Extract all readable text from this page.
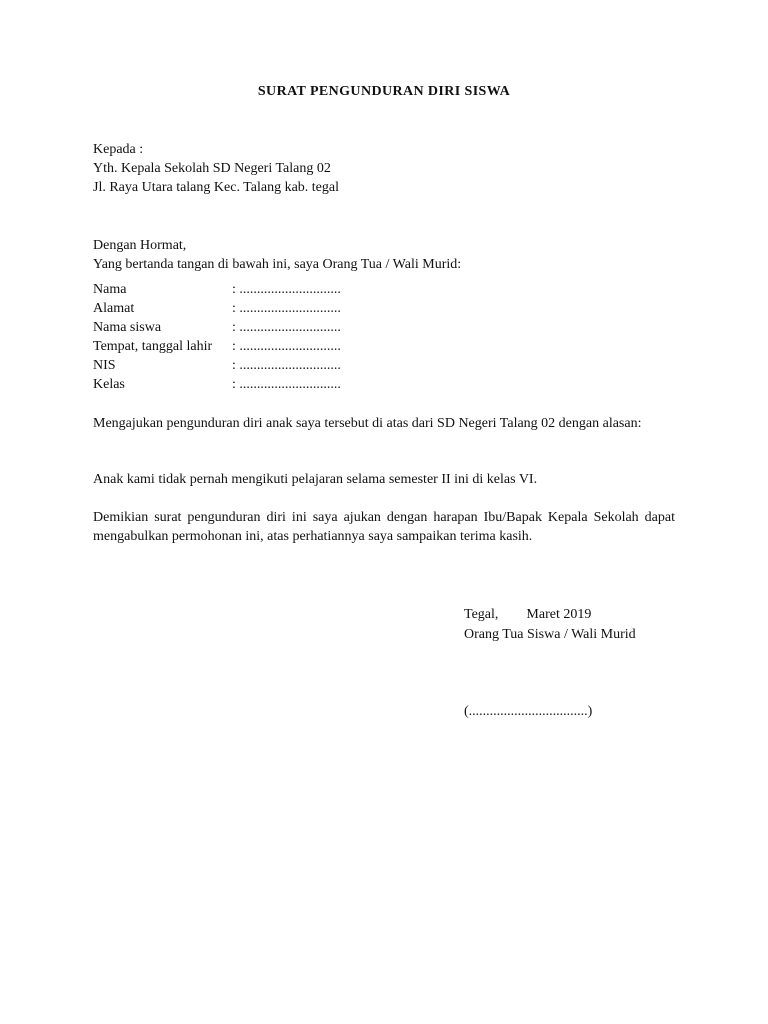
SURAT PENGUNDURAN DIRI SISWA
Kepada :
Yth. Kepala Sekolah SD Negeri Talang 02
Jl. Raya Utara talang Kec. Talang kab. tegal
Dengan Hormat,
Yang bertanda tangan di bawah ini, saya Orang Tua / Wali Murid:
Nama	: .............................
Alamat	: .............................
Nama siswa	: .............................
Tempat, tanggal lahir : .............................
NIS	: .............................
Kelas	: .............................
Mengajukan pengunduran diri anak saya tersebut di atas dari SD Negeri Talang 02 dengan alasan:
Anak kami tidak pernah mengikuti pelajaran selama semester II ini di kelas VI.
Demikian surat pengunduran diri ini saya ajukan dengan harapan Ibu/Bapak Kepala Sekolah dapat mengabulkan permohonan ini, atas perhatiannya saya sampaikan terima kasih.
Tegal, Maret 2019
Orang Tua Siswa / Wali Murid
(..................................)
